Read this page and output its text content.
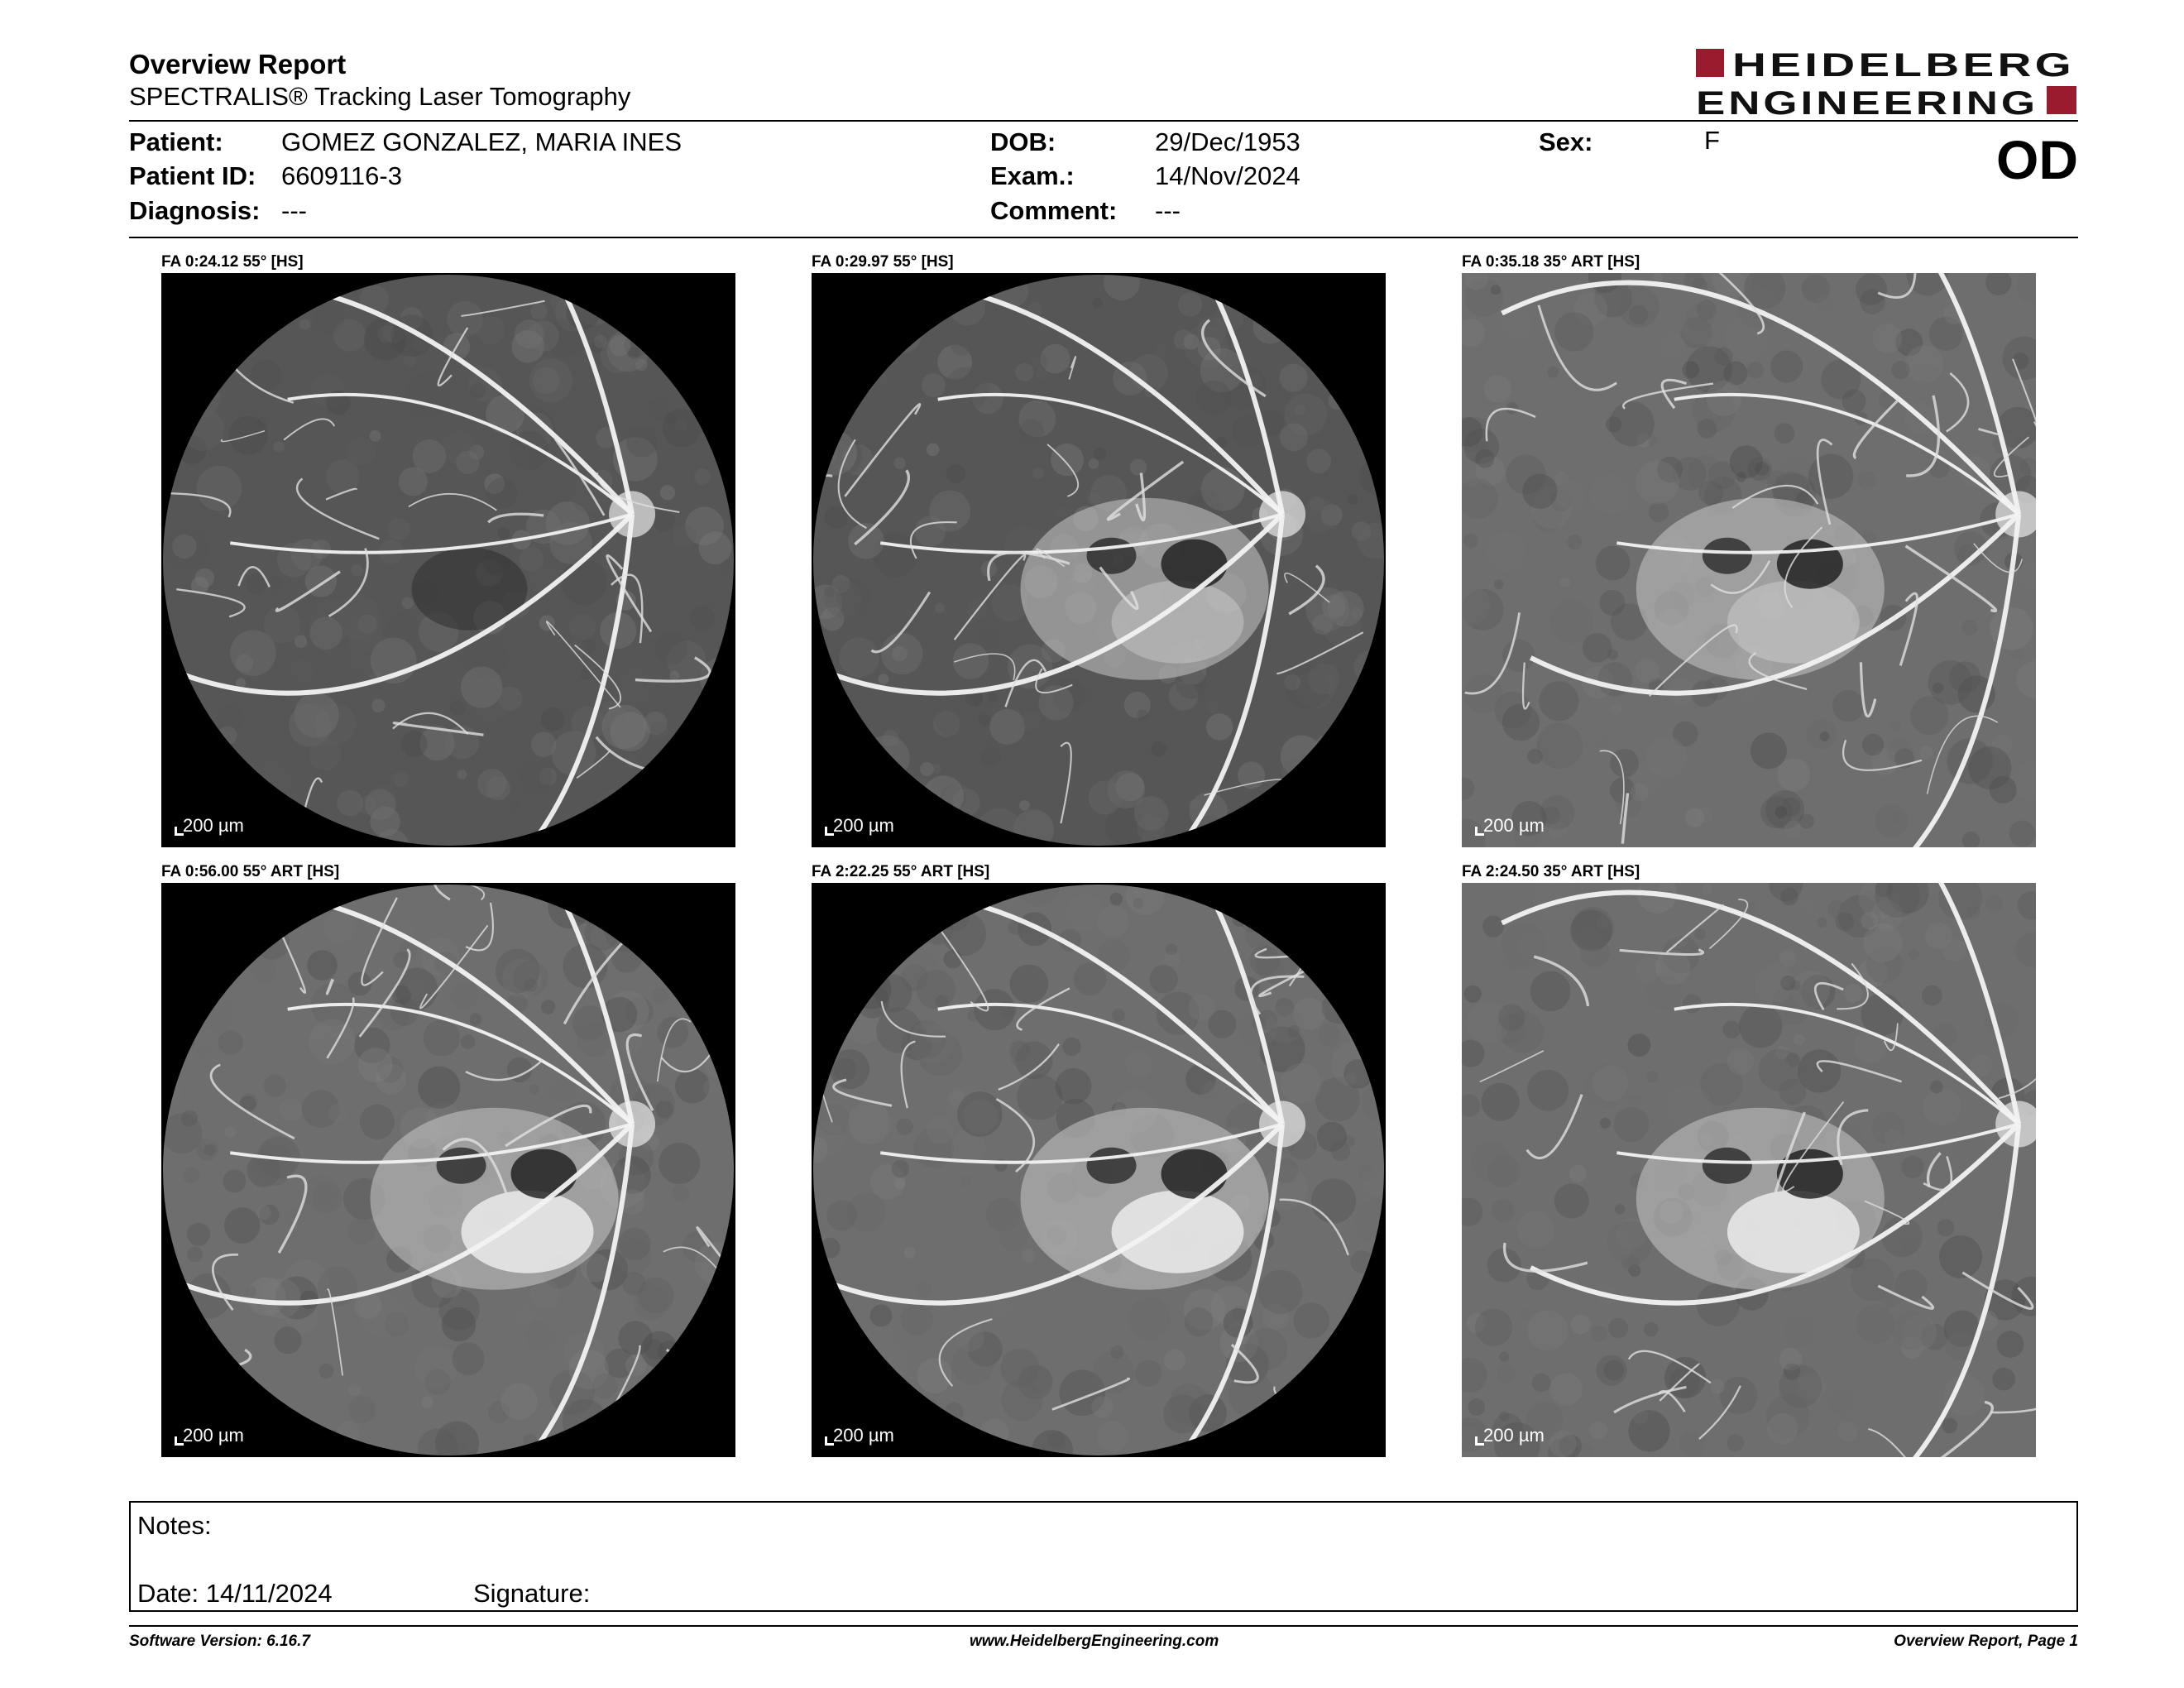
Overview Report
SPECTRALIS® Tracking Laser Tomography
HEIDELBERG
ENGINEERING
OD
Patient: GOMEZ GONZALEZ, MARIA INES
Patient ID: 6609116-3
Diagnosis: ---
DOB:	29/Dec/1953
Exam.:	14/Nov/2024
Comment: ---
Sex:	F
FA 0:24.12 55° [HS]
200 µm
FA 0:29.97 55° [HS]
200 µm
FA 0:35.18 35° ART [HS]
200 µm
FA 0:56.00 55° ART [HS]
200 µm
FA 2:22.25 55° ART [HS]
200 µm
FA 2:24.50 35° ART [HS]
200 µm
Notes:
Date: 14/11/2024	Signature:
Software Version: 6.16.7	www.HeidelbergEngineering.com	Overview Report, Page 1
